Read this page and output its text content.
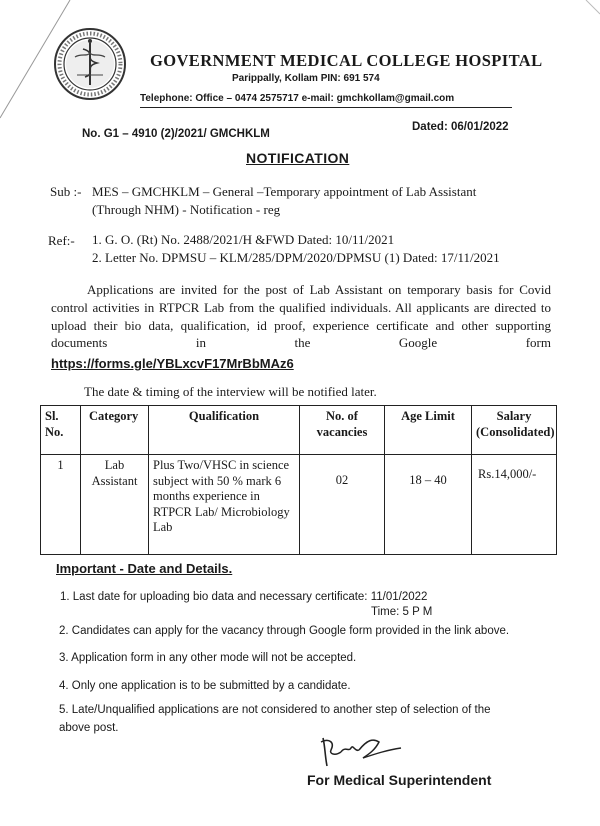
GOVERNMENT MEDICAL COLLEGE HOSPITAL
Parippally, Kollam PIN: 691 574
Telephone: Office – 0474 2575717 e-mail: gmchkollam@gmail.com
No. G1 – 4910 (2)/2021/ GMCHKLM
Dated: 06/01/2022
NOTIFICATION
Sub :- MES – GMCHKLM – General –Temporary appointment of Lab Assistant
(Through NHM) - Notification - reg
Ref:- 1. G. O. (Rt) No. 2488/2021/H &FWD Dated: 10/11/2021
2. Letter No. DPMSU – KLM/285/DPM/2020/DPMSU (1) Dated: 17/11/2021

Applications are invited for the post of Lab Assistant on temporary basis for Covid control activities in RTPCR Lab from the qualified individuals. All applicants are directed to upload their bio data, qualification, id proof, experience certificate and other supporting documents in the Google form

https://forms.gle/YBLxcvF17MrBbMAz6
The date & timing of the interview will be notified later.
Sl. No.	Category	Qualification	No. of vacancies	Age Limit	Salary (Consolidated)
1	Lab Assistant	Plus Two/VHSC in science subject with 50 % mark 6 months experience in RTPCR Lab/ Microbiology Lab	02	18 – 40	Rs.14,000/-
Important - Date and Details.
1. Last date for uploading bio data and necessary certificate: 11/01/2022
Time: 5 P M
2. Candidates can apply for the vacancy through Google form provided in the link above.
3. Application form in any other mode will not be accepted.
4. Only one application is to be submitted by a candidate.
5. Late/Unqualified applications are not considered to another step of selection of the
above post.
For Medical Superintendent
